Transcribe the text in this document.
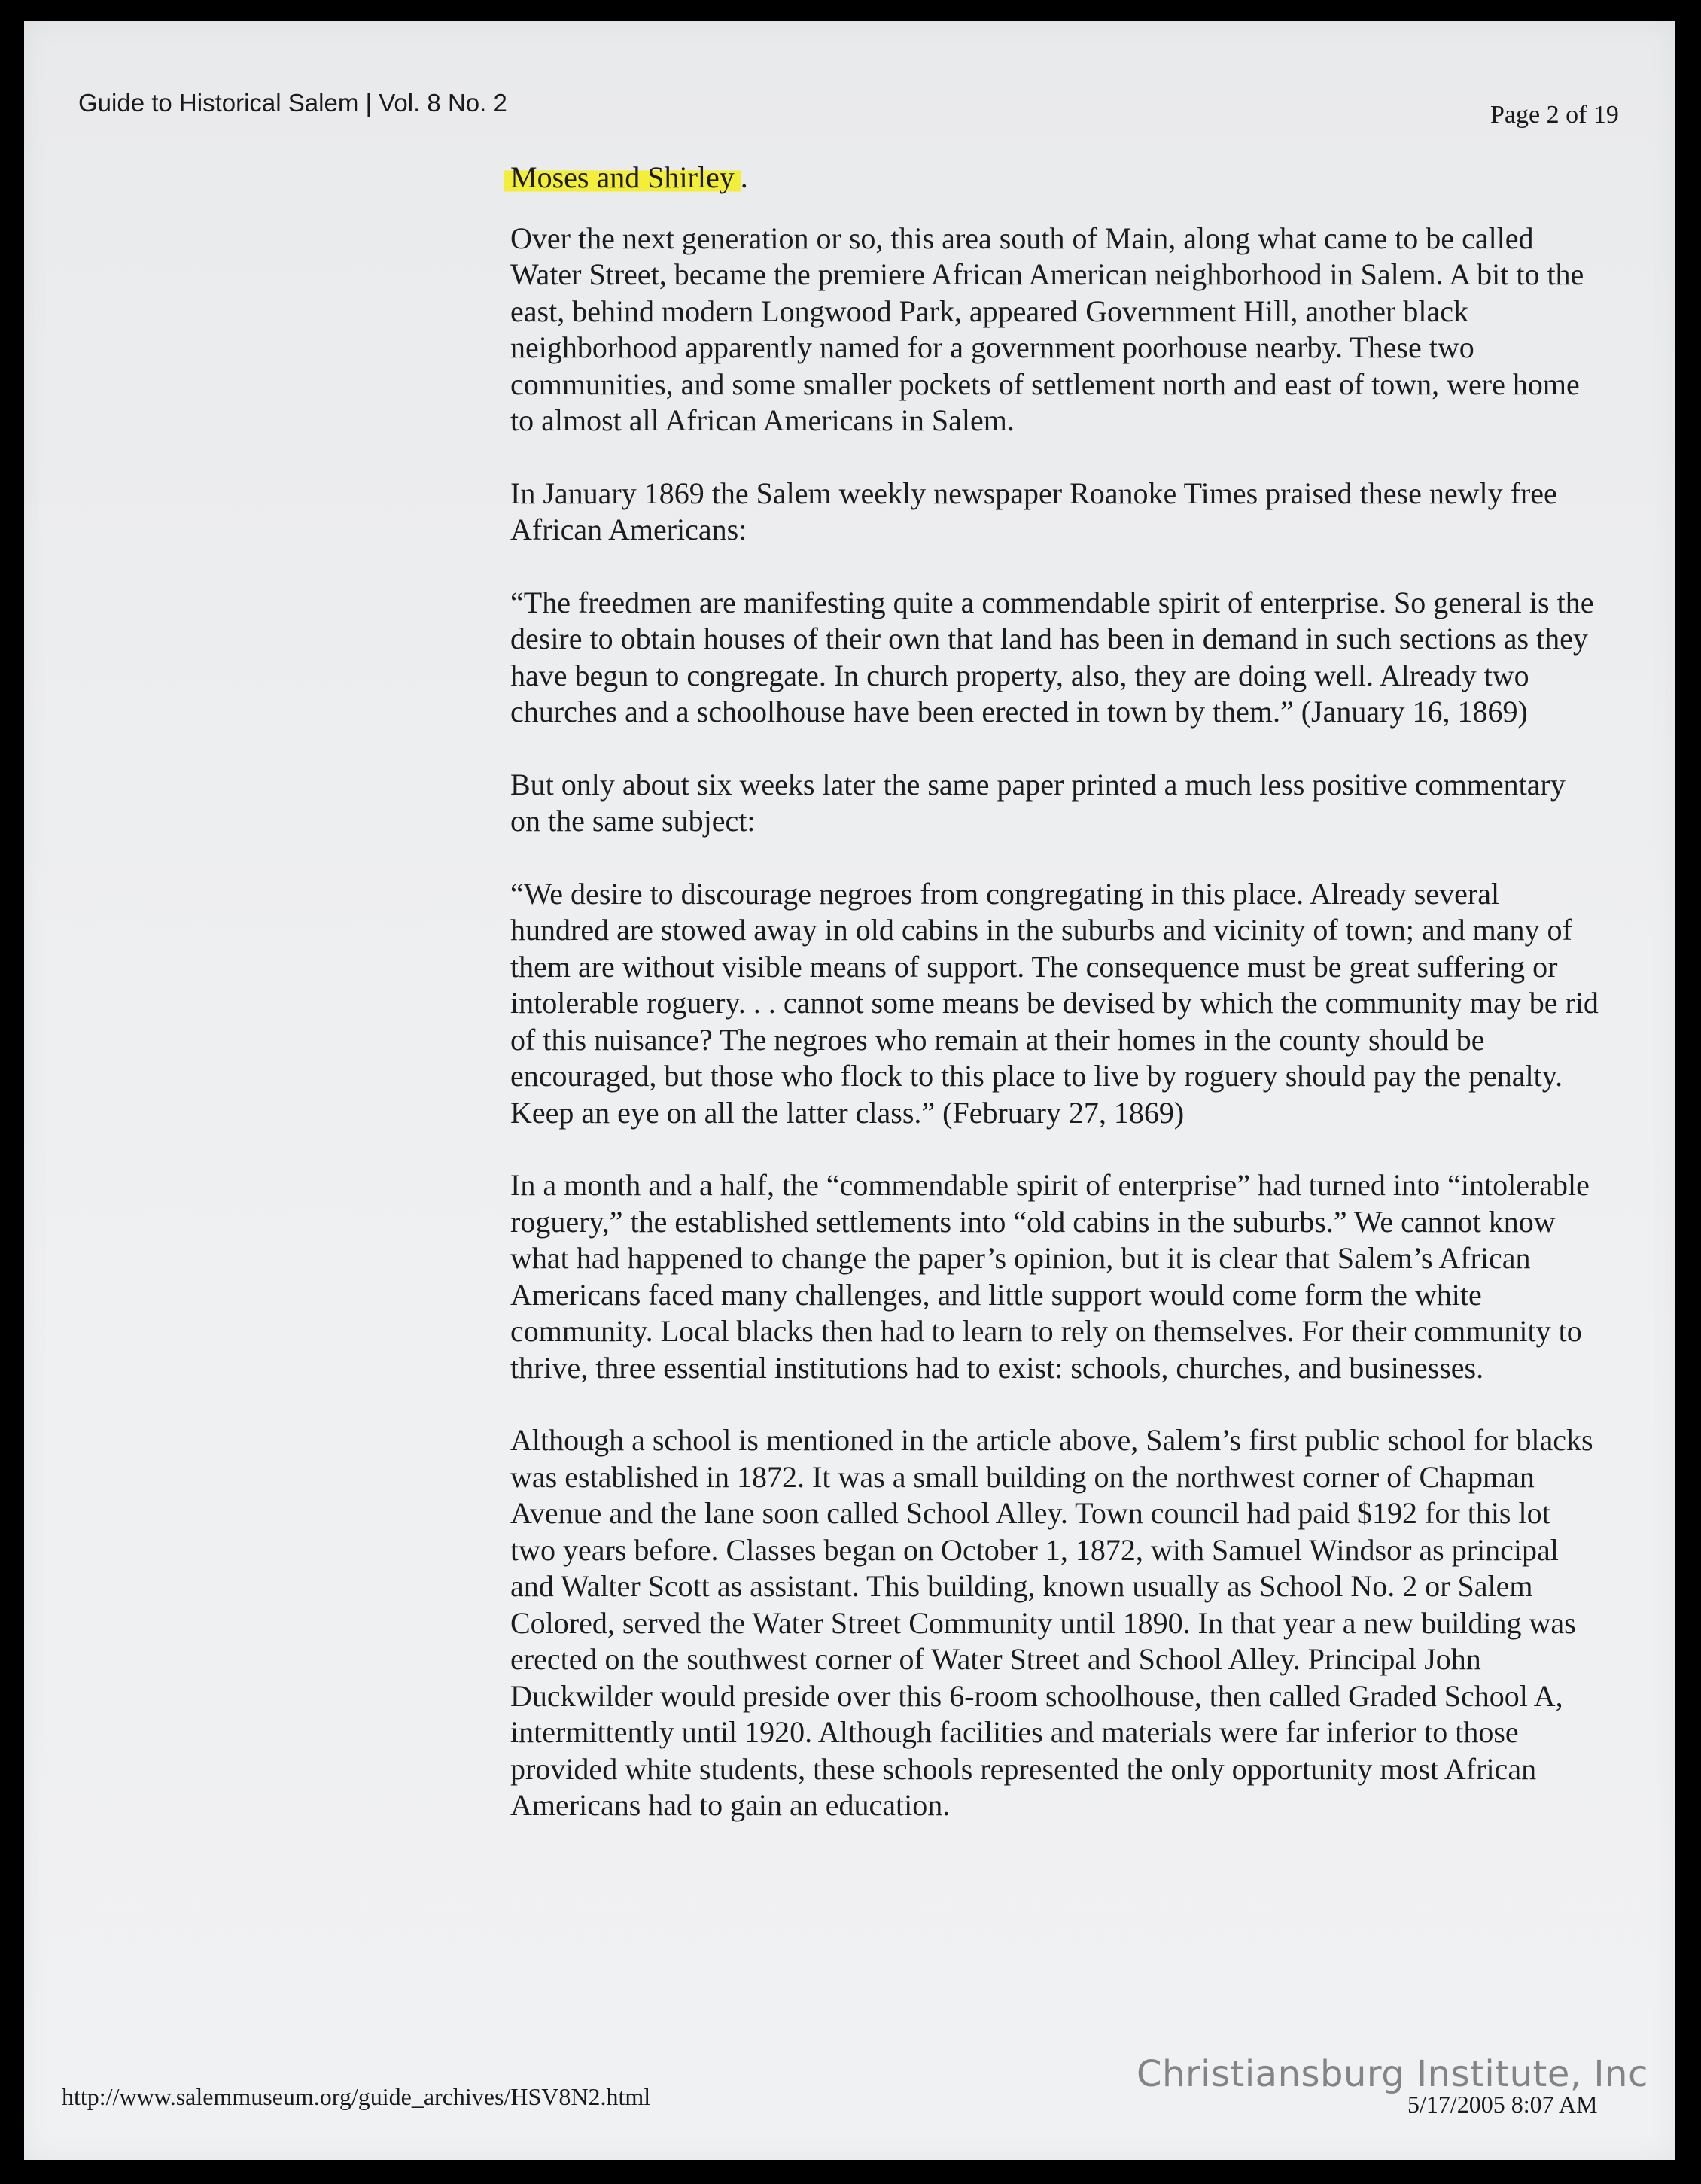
Guide to Historical Salem | Vol. 8 No. 2	Page 2 of 19

Moses and Shirley .

Over the next generation or so, this area south of Main, along what came to be called Water Street, became the premiere African American neighborhood in Salem. A bit to the east, behind modern Longwood Park, appeared Government Hill, another black neighborhood apparently named for a government poorhouse nearby. These two communities, and some smaller pockets of settlement north and east of town, were home to almost all African Americans in Salem.

In January 1869 the Salem weekly newspaper Roanoke Times praised these newly free African Americans:

“The freedmen are manifesting quite a commendable spirit of enterprise. So general is the desire to obtain houses of their own that land has been in demand in such sections as they have begun to congregate. In church property, also, they are doing well. Already two churches and a schoolhouse have been erected in town by them.” (January 16, 1869)

But only about six weeks later the same paper printed a much less positive commentary on the same subject:

“We desire to discourage negroes from congregating in this place. Already several hundred are stowed away in old cabins in the suburbs and vicinity of town; and many of them are without visible means of support. The consequence must be great suffering or intolerable roguery. . . cannot some means be devised by which the community may be rid of this nuisance? The negroes who remain at their homes in the county should be encouraged, but those who flock to this place to live by roguery should pay the penalty. Keep an eye on all the latter class.” (February 27, 1869)

In a month and a half, the “commendable spirit of enterprise” had turned into “intolerable roguery,” the established settlements into “old cabins in the suburbs.” We cannot know what had happened to change the paper’s opinion, but it is clear that Salem’s African Americans faced many challenges, and little support would come form the white community. Local blacks then had to learn to rely on themselves. For their community to thrive, three essential institutions had to exist: schools, churches, and businesses.

Although a school is mentioned in the article above, Salem’s first public school for blacks was established in 1872. It was a small building on the northwest corner of Chapman Avenue and the lane soon called School Alley. Town council had paid $192 for this lot two years before. Classes began on October 1, 1872, with Samuel Windsor as principal and Walter Scott as assistant. This building, known usually as School No. 2 or Salem Colored, served the Water Street Community until 1890. In that year a new building was erected on the southwest corner of Water Street and School Alley. Principal John Duckwilder would preside over this 6-room schoolhouse, then called Graded School A, intermittently until 1920. Although facilities and materials were far inferior to those provided white students, these schools represented the only opportunity most African Americans had to gain an education.

http://www.salemmuseum.org/guide_archives/HSV8N2.html
Christiansburg Institute, Inc
5/17/2005 8:07 AM
